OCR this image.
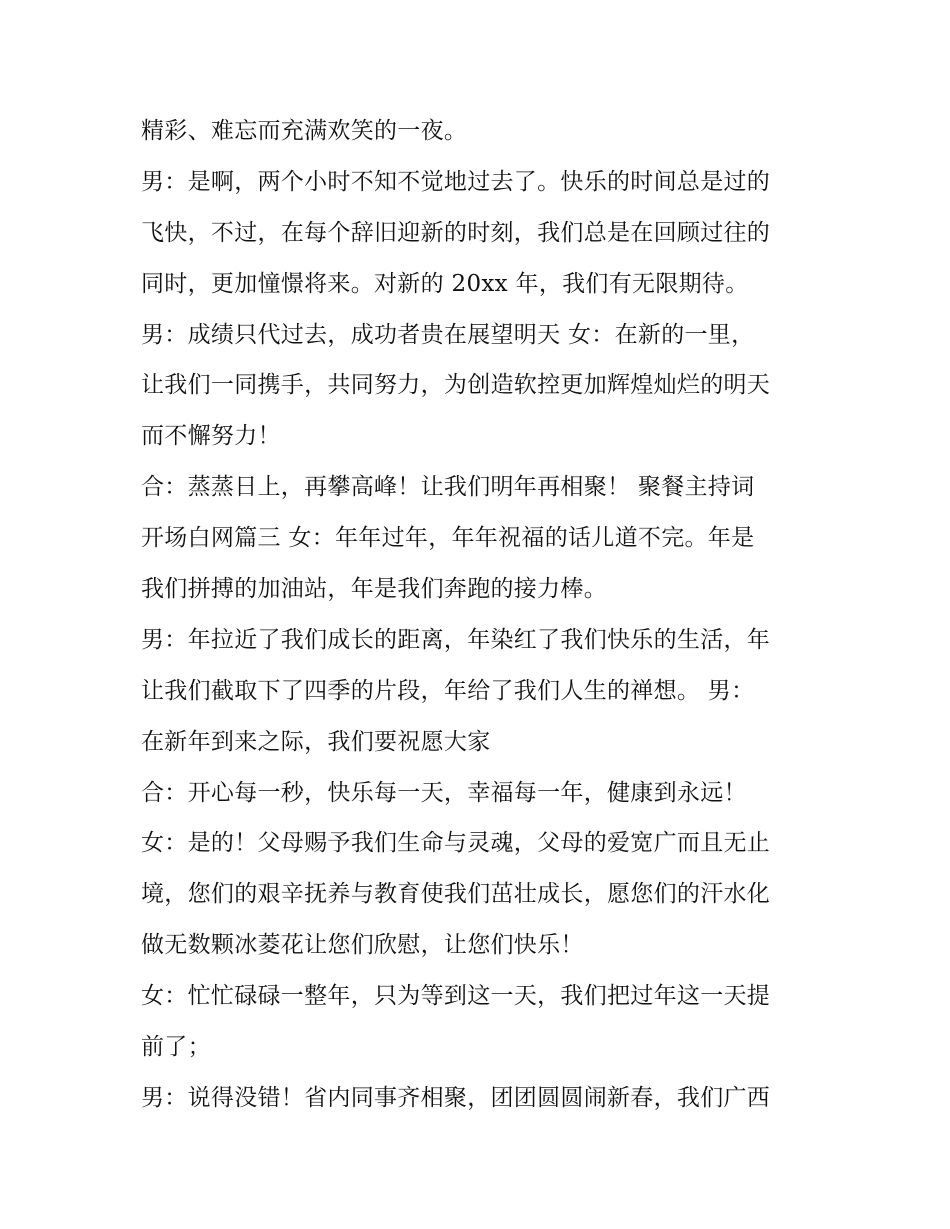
精彩、难忘而充满欢笑的一夜。
男：是啊，两个小时不知不觉地过去了。快乐的时间总是过的
飞快，不过，在每个辞旧迎新的时刻，我们总是在回顾过往的
同时，更加憧憬将来。对新的 20xx 年，我们有无限期待。
男：成绩只代过去，成功者贵在展望明天 女：在新的一里，
让我们一同携手，共同努力，为创造软控更加辉煌灿烂的明天
而不懈努力！
合：蒸蒸日上，再攀高峰！让我们明年再相聚！ 聚餐主持词
开场白网篇三 女：年年过年，年年祝福的话儿道不完。年是
我们拼搏的加油站，年是我们奔跑的接力棒。
男：年拉近了我们成长的距离，年染红了我们快乐的生活，年
让我们截取下了四季的片段，年给了我们人生的禅想。 男：
在新年到来之际，我们要祝愿大家
合：开心每一秒，快乐每一天，幸福每一年，健康到永远！
女：是的！父母赐予我们生命与灵魂，父母的爱宽广而且无止
境，您们的艰辛抚养与教育使我们茁壮成长，愿您们的汗水化
做无数颗冰菱花让您们欣慰，让您们快乐！
女：忙忙碌碌一整年，只为等到这一天，我们把过年这一天提
前了；
男：说得没错！省内同事齐相聚，团团圆圆闹新春，我们广西
